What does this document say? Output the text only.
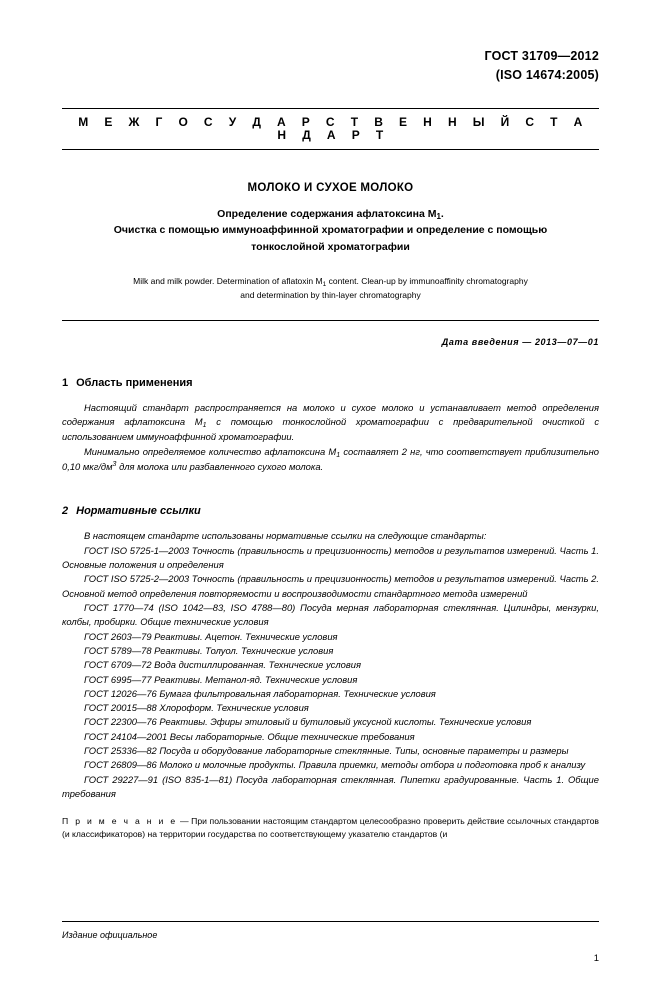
ГОСТ 31709—2012
(ISO 14674:2005)
М Е Ж Г О С У Д А Р С Т В Е Н Н Ы Й С Т А Н Д А Р Т
МОЛОКО И СУХОЕ МОЛОКО
Определение содержания афлатоксина $М_1$.
Очистка с помощью иммуноаффинной хроматографии и определение с помощью
тонкослойной хроматографии
Milk and milk powder. Determination of aflatoxin $M_1$ content. Clean-up by immunoaffinity chromatography
and determination by thin-layer chromatography
Дата введения — 2013—07—01
1 Область применения

Настоящий стандарт распространяется на молоко и сухое молоко и устанавливает метод определения содержания афлатоксина $М_1$ с помощью тонкослойной хроматографии с предварительной очисткой с использованием иммуноаффинной хроматографии.

Минимально определяемое количество афлатоксина $М_1$ составляет 2 нг, что соответствует приблизительно 0,10 мкг/$дм^3$ для молока или разбавленного сухого молока.

2 Нормативные ссылки

В настоящем стандарте использованы нормативные ссылки на следующие стандарты:

ГОСТ ISO 5725-1—2003 Точность (правильность и прецизионность) методов и результатов измерений. Часть 1. Основные положения и определения

ГОСТ ISO 5725-2—2003 Точность (правильность и прецизионность) методов и результатов измерений. Часть 2. Основной метод определения повторяемости и воспроизводимости стандартного метода измерений

ГОСТ 1770—74 (ISO 1042—83, ISO 4788—80) Посуда мерная лабораторная стеклянная. Цилиндры, мензурки, колбы, пробирки. Общие технические условия

ГОСТ 2603—79 Реактивы. Ацетон. Технические условия

ГОСТ 5789—78 Реактивы. Толуол. Технические условия

ГОСТ 6709—72 Вода дистиллированная. Технические условия

ГОСТ 6995—77 Реактивы. Метанол-яд. Технические условия

ГОСТ 12026—76 Бумага фильтровальная лабораторная. Технические условия

ГОСТ 20015—88 Хлороформ. Технические условия

ГОСТ 22300—76 Реактивы. Эфиры этиловый и бутиловый уксусной кислоты. Технические условия

ГОСТ 24104—2001 Весы лабораторные. Общие технические требования

ГОСТ 25336—82 Посуда и оборудование лабораторные стеклянные. Типы, основные параметры и размеры

ГОСТ 26809—86 Молоко и молочные продукты. Правила приемки, методы отбора и подготовка проб к анализу

ГОСТ 29227—91 (ISO 835-1—81) Посуда лабораторная стеклянная. Пипетки градуированные. Часть 1. Общие требования

П р и м е ч а н и е — При пользовании настоящим стандартом целесообразно проверить действие ссылочных стандартов (и классификаторов) на территории государства по соответствующему указателю стандартов (и
Издание официальное
1
